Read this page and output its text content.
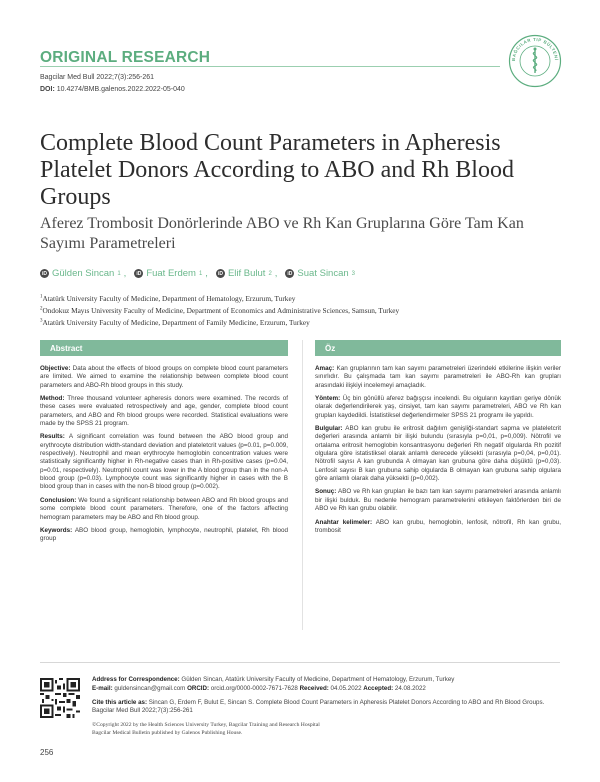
ORIGINAL RESEARCH
Bagcilar Med Bull 2022;7(3):256-261
DOI: 10.4274/BMB.galenos.2022.2022-05-040
BAĞCILAR TIP BÜLTENİ
Complete Blood Count Parameters in Apheresis Platelet Donors According to ABO and Rh Blood Groups
Aferez Trombosit Donörlerinde ABO ve Rh Kan Gruplarına Göre Tam Kan Sayımı Parametreleri
iD Gülden Sincan 1 ,	iD Fuat Erdem 1 ,	iD Elif Bulut 2 ,	iD Suat Sincan 3
$^1$Atatürk University Faculty of Medicine, Department of Hematology, Erzurum, Turkey
$^2$Ondokuz Mayıs University Faculty of Medicine, Department of Economics and Administrative Sciences, Samsun, Turkey
$^3$Atatürk University Faculty of Medicine, Department of Family Medicine, Erzurum, Turkey
Abstract	Öz

Objective: Data about the effects of blood groups on complete blood count parameters are limited. We aimed to examine the relationship between complete blood count parameters and ABO-Rh blood groups in this study.

Method: Three thousand volunteer apheresis donors were examined. The records of these cases were evaluated retrospectively and age, gender, complete blood count parameters, and ABO and Rh blood groups were recorded. Statistical evaluations were made by the SPSS 21 program.

Results: A significant correlation was found between the ABO blood group and erythrocyte distribution width-standard deviation and plateletcrit values (p=0.01, p=0.009, respectively). Neutrophil and mean erythrocyte hemoglobin concentration values were statistically significantly higher in Rh-negative cases than in Rh-positive cases (p=0.04, p=0.01, respectively). Neutrophil count was lower in the A blood group than in the non-A blood group (p=0.03). Lymphocyte count was significantly higher in cases with the B blood group than in cases with the non-B blood group (p=0.002).

Conclusion: We found a significant relationship between ABO and Rh blood groups and some complete blood count parameters. Therefore, one of the factors affecting hemogram parameters may be ABO and Rh blood group.

Keywords: ABO blood group, hemoglobin, lymphocyte, neutrophil, platelet, Rh blood group

Amaç: Kan gruplarının tam kan sayımı parametreleri üzerindeki etkilerine ilişkin veriler sınırlıdır. Bu çalışmada tam kan sayımı parametreleri ile ABO-Rh kan grupları arasındaki ilişkiyi incelemeyi amaçladık.

Yöntem: Üç bin gönüllü aferez bağışçısı incelendi. Bu olguların kayıtları geriye dönük olarak değerlendirilerek yaş, cinsiyet, tam kan sayımı parametreleri, ABO ve Rh kan grupları kaydedildi. İstatistiksel değerlendirmeler SPSS 21 programı ile yapıldı.

Bulgular: ABO kan grubu ile eritrosit dağılım genişliği-standart sapma ve plateletcrit değerleri arasında anlamlı bir ilişki bulundu (sırasıyla p=0,01, p=0,009). Nötrofil ve ortalama eritrosit hemoglobin konsantrasyonu değerleri Rh negatif olgularda Rh pozitif olgulara göre istatistiksel olarak anlamlı derecede yüksekti (sırasıyla p=0,04, p=0,01). Nötrofil sayısı A kan grubunda A olmayan kan grubuna göre daha düşüktü (p=0,03). Lenfosit sayısı B kan grubuna sahip olgularda B olmayan kan grubuna sahip olgulara göre anlamlı olarak daha yüksekti (p=0,002).

Sonuç: ABO ve Rh kan grupları ile bazı tam kan sayımı parametreleri arasında anlamlı bir ilişki bulduk. Bu nedenle hemogram parametrelerini etkileyen faktörlerden biri de ABO ve Rh kan grubu olabilir.

Anahtar kelimeler: ABO kan grubu, hemoglobin, lenfosit, nötrofil, Rh kan grubu, trombosit

Address for Correspondence: Gülden Sincan, Atatürk University Faculty of Medicine, Department of Hematology, Erzurum, Turkey
E-mail: guldensincan@gmail.com ORCID: orcid.org/0000-0002-7671-7628 Received: 04.05.2022 Accepted: 24.08.2022
Cite this article as: Sincan G, Erdem F, Bulut E, Sincan S. Complete Blood Count Parameters in Apheresis Platelet Donors According to ABO and Rh Blood Groups. Bagcilar Med Bull 2022;7(3):256-261
©Copyright 2022 by the Health Sciences University Turkey, Bagcilar Training and Research Hospital
Bagcilar Medical Bulletin published by Galenos Publishing House.
256
